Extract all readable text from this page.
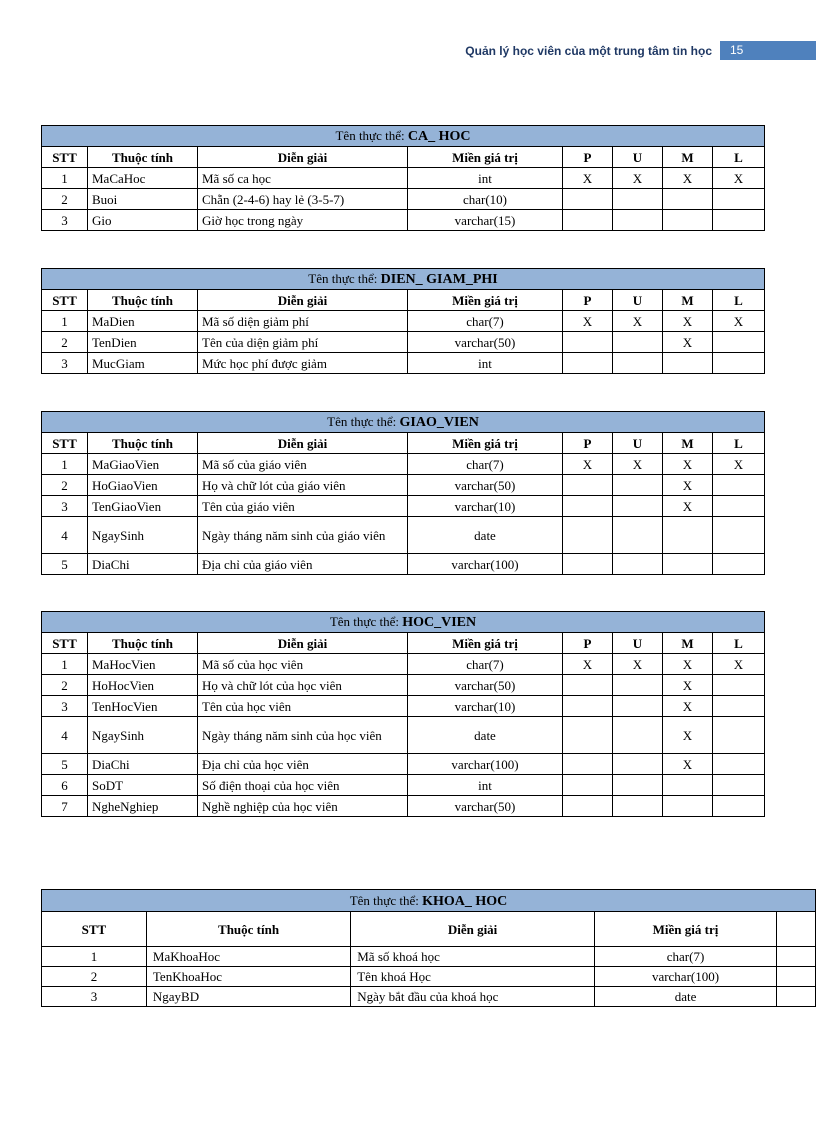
Quản lý học viên của một trung tâm tin học	15
Tên thực thể: CA_ HOC							
STT	Thuộc tính	Diễn giải	Miền giá trị	P	U	M	L
1	MaCaHoc	Mã số ca học	int	X	X	X	X
2	Buoi	Chẵn (2-4-6) hay lẻ (3-5-7)	char(10)				
3	Gio	Giờ học trong ngày	varchar(15)				
Tên thực thể: DIEN_ GIAM_PHI							
STT	Thuộc tính	Diễn giải	Miền giá trị	P	U	M	L
1	MaDien	Mã số diện giảm phí	char(7)	X	X	X	X
2	TenDien	Tên của diện giảm phí	varchar(50)			X	
3	MucGiam	Mức học phí được giảm	int				
Tên thực thể: GIAO_VIEN							
STT	Thuộc tính	Diễn giải	Miền giá trị	P	U	M	L
1	MaGiaoVien	Mã số của giáo viên	char(7)	X	X	X	X
2	HoGiaoVien	Họ và chữ lót của giáo viên	varchar(50)			X	
3	TenGiaoVien	Tên của giáo viên	varchar(10)			X	
4	NgaySinh	Ngày tháng năm sinh của giáo viên	date				
5	DiaChi	Địa chỉ của giáo viên	varchar(100)				
Tên thực thể: HOC_VIEN							
STT	Thuộc tính	Diễn giải	Miền giá trị	P	U	M	L
1	MaHocVien	Mã số của học viên	char(7)	X	X	X	X
2	HoHocVien	Họ và chữ lót của học viên	varchar(50)			X	
3	TenHocVien	Tên của học viên	varchar(10)			X	
4	NgaySinh	Ngày tháng năm sinh của học viên	date			X	
5	DiaChi	Địa chỉ của học viên	varchar(100)			X	
6	SoDT	Số điện thoại của học viên	int				
7	NgheNghiep	Nghề nghiệp của học viên	varchar(50)				
Tên thực thể: KHOA_ HOC				
STT	Thuộc tính	Diễn giải	Miền giá trị	
1	MaKhoaHoc	Mã số khoá học	char(7)	
2	TenKhoaHoc	Tên khoá Học	varchar(100)	
3	NgayBD	Ngày bắt đầu của khoá học	date	
